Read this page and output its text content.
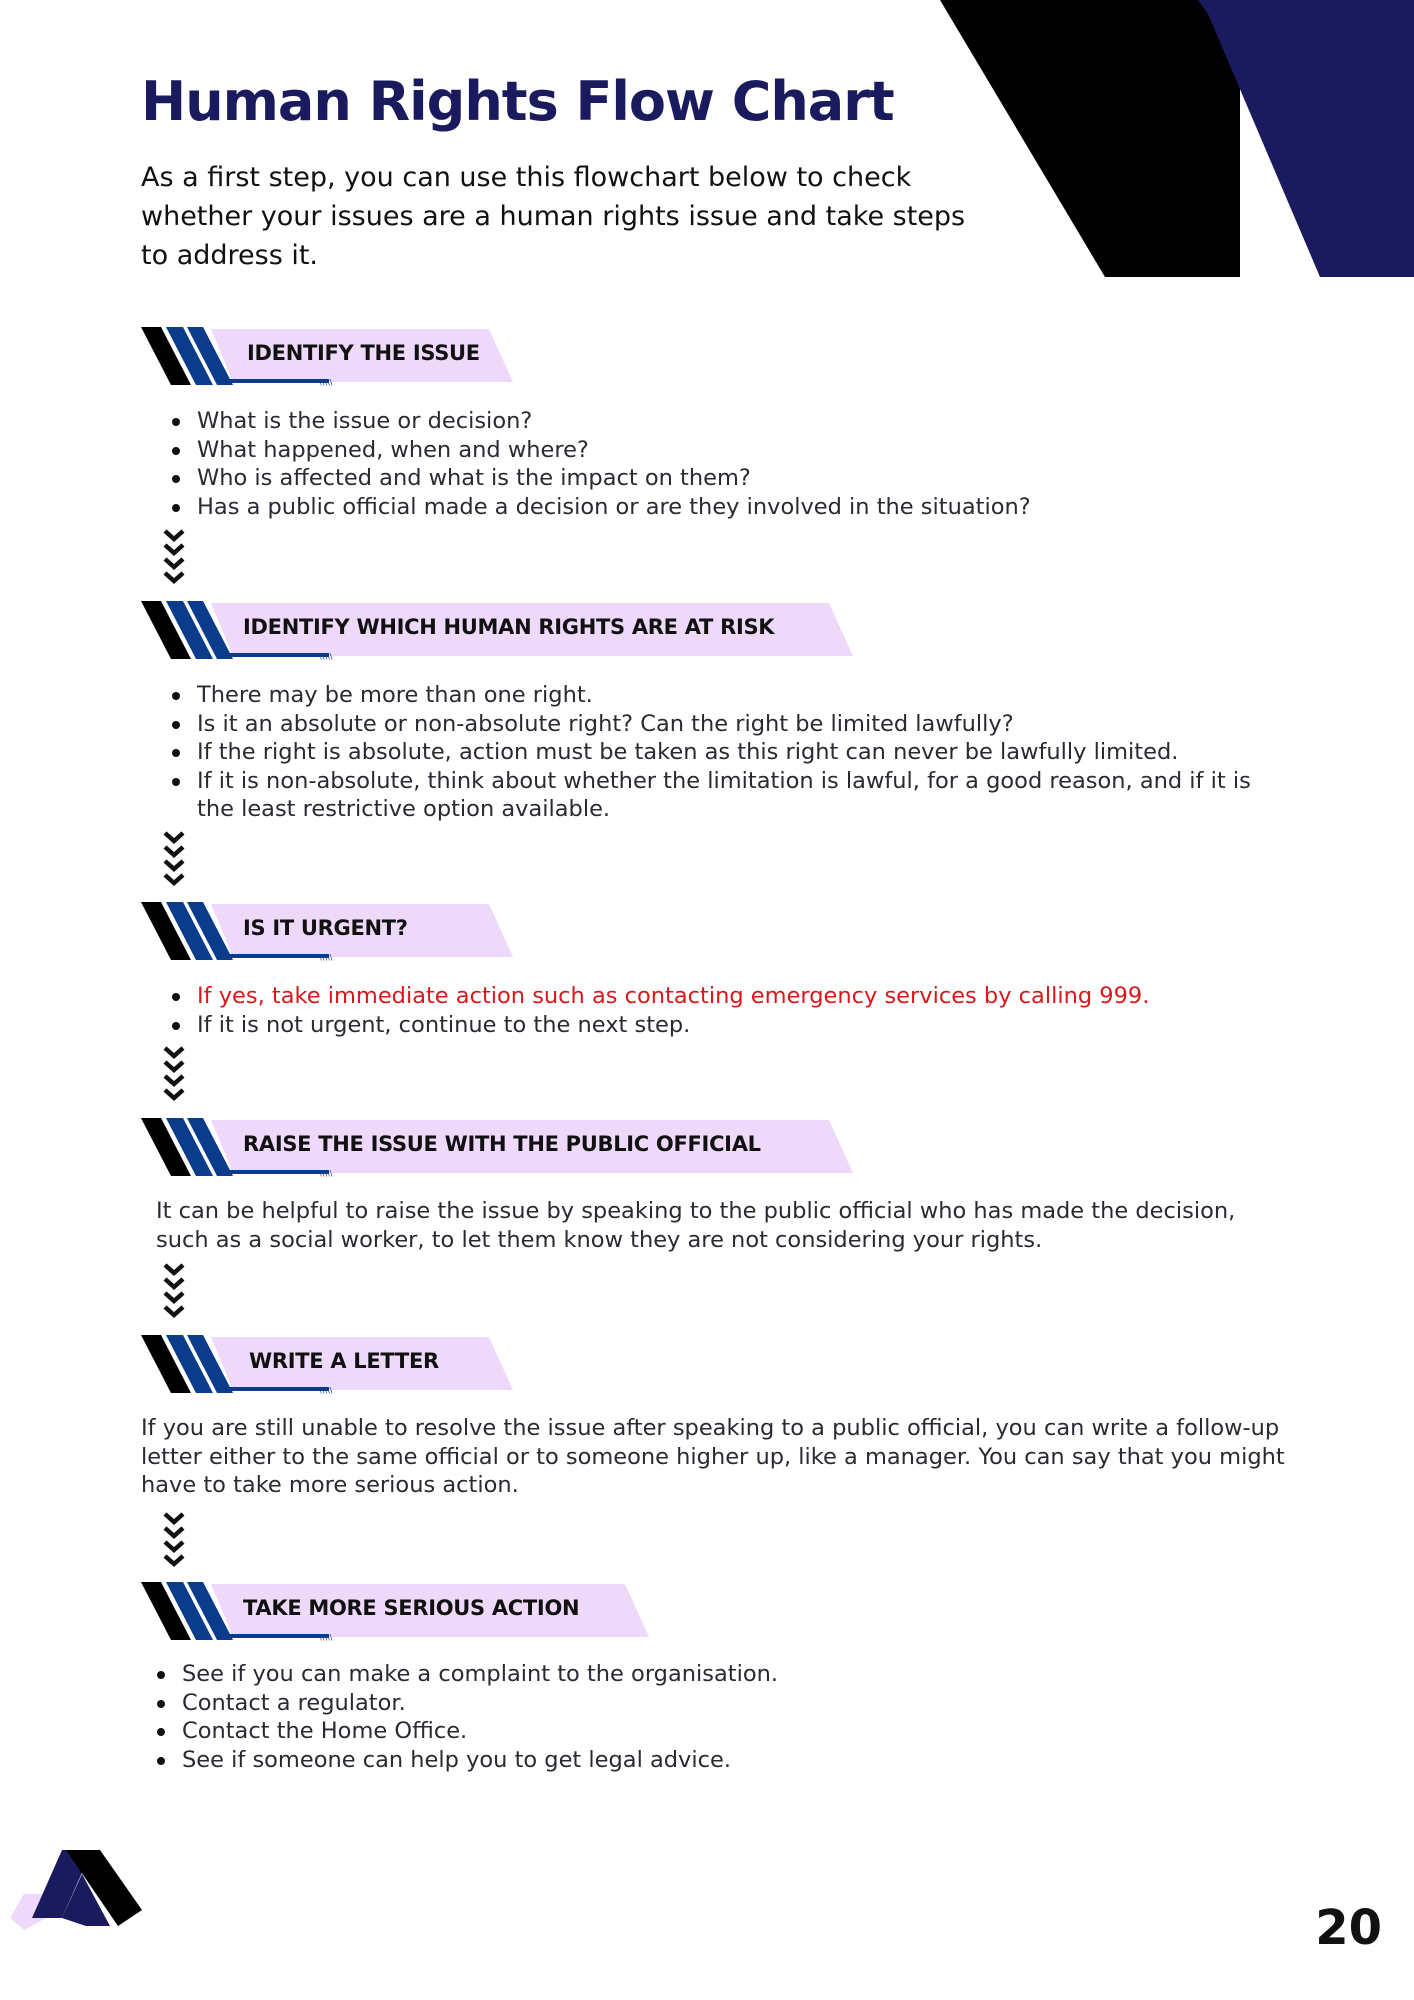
Human Rights Flow Chart

As a first step, you can use this flowchart below to check whether your issues are a human rights issue and take steps to address it.

\\\\\
IDENTIFY THE ISSUE
What is the issue or decision?
What happened, when and where?
Who is affected and what is the impact on them?
Has a public official made a decision or are they involved in the situation?
\\\\\
IDENTIFY WHICH HUMAN RIGHTS ARE AT RISK
There may be more than one right.
Is it an absolute or non-absolute right? Can the right be limited lawfully?
If the right is absolute, action must be taken as this right can never be lawfully limited.
If it is non-absolute, think about whether the limitation is lawful, for a good reason, and if it is the least restrictive option available.
\\\\\
IS IT URGENT?
If yes, take immediate action such as contacting emergency services by calling 999.
If it is not urgent, continue to the next step.
\\\\\
RAISE THE ISSUE WITH THE PUBLIC OFFICIAL

It can be helpful to raise the issue by speaking to the public official who has made the decision, such as a social worker, to let them know they are not considering your rights.

\\\\\
WRITE A LETTER

If you are still unable to resolve the issue after speaking to a public official, you can write a follow-up letter either to the same official or to someone higher up, like a manager. You can say that you might have to take more serious action.

\\\\\
TAKE MORE SERIOUS ACTION
See if you can make a complaint to the organisation.
Contact a regulator.
Contact the Home Office.
See if someone can help you to get legal advice.

20
